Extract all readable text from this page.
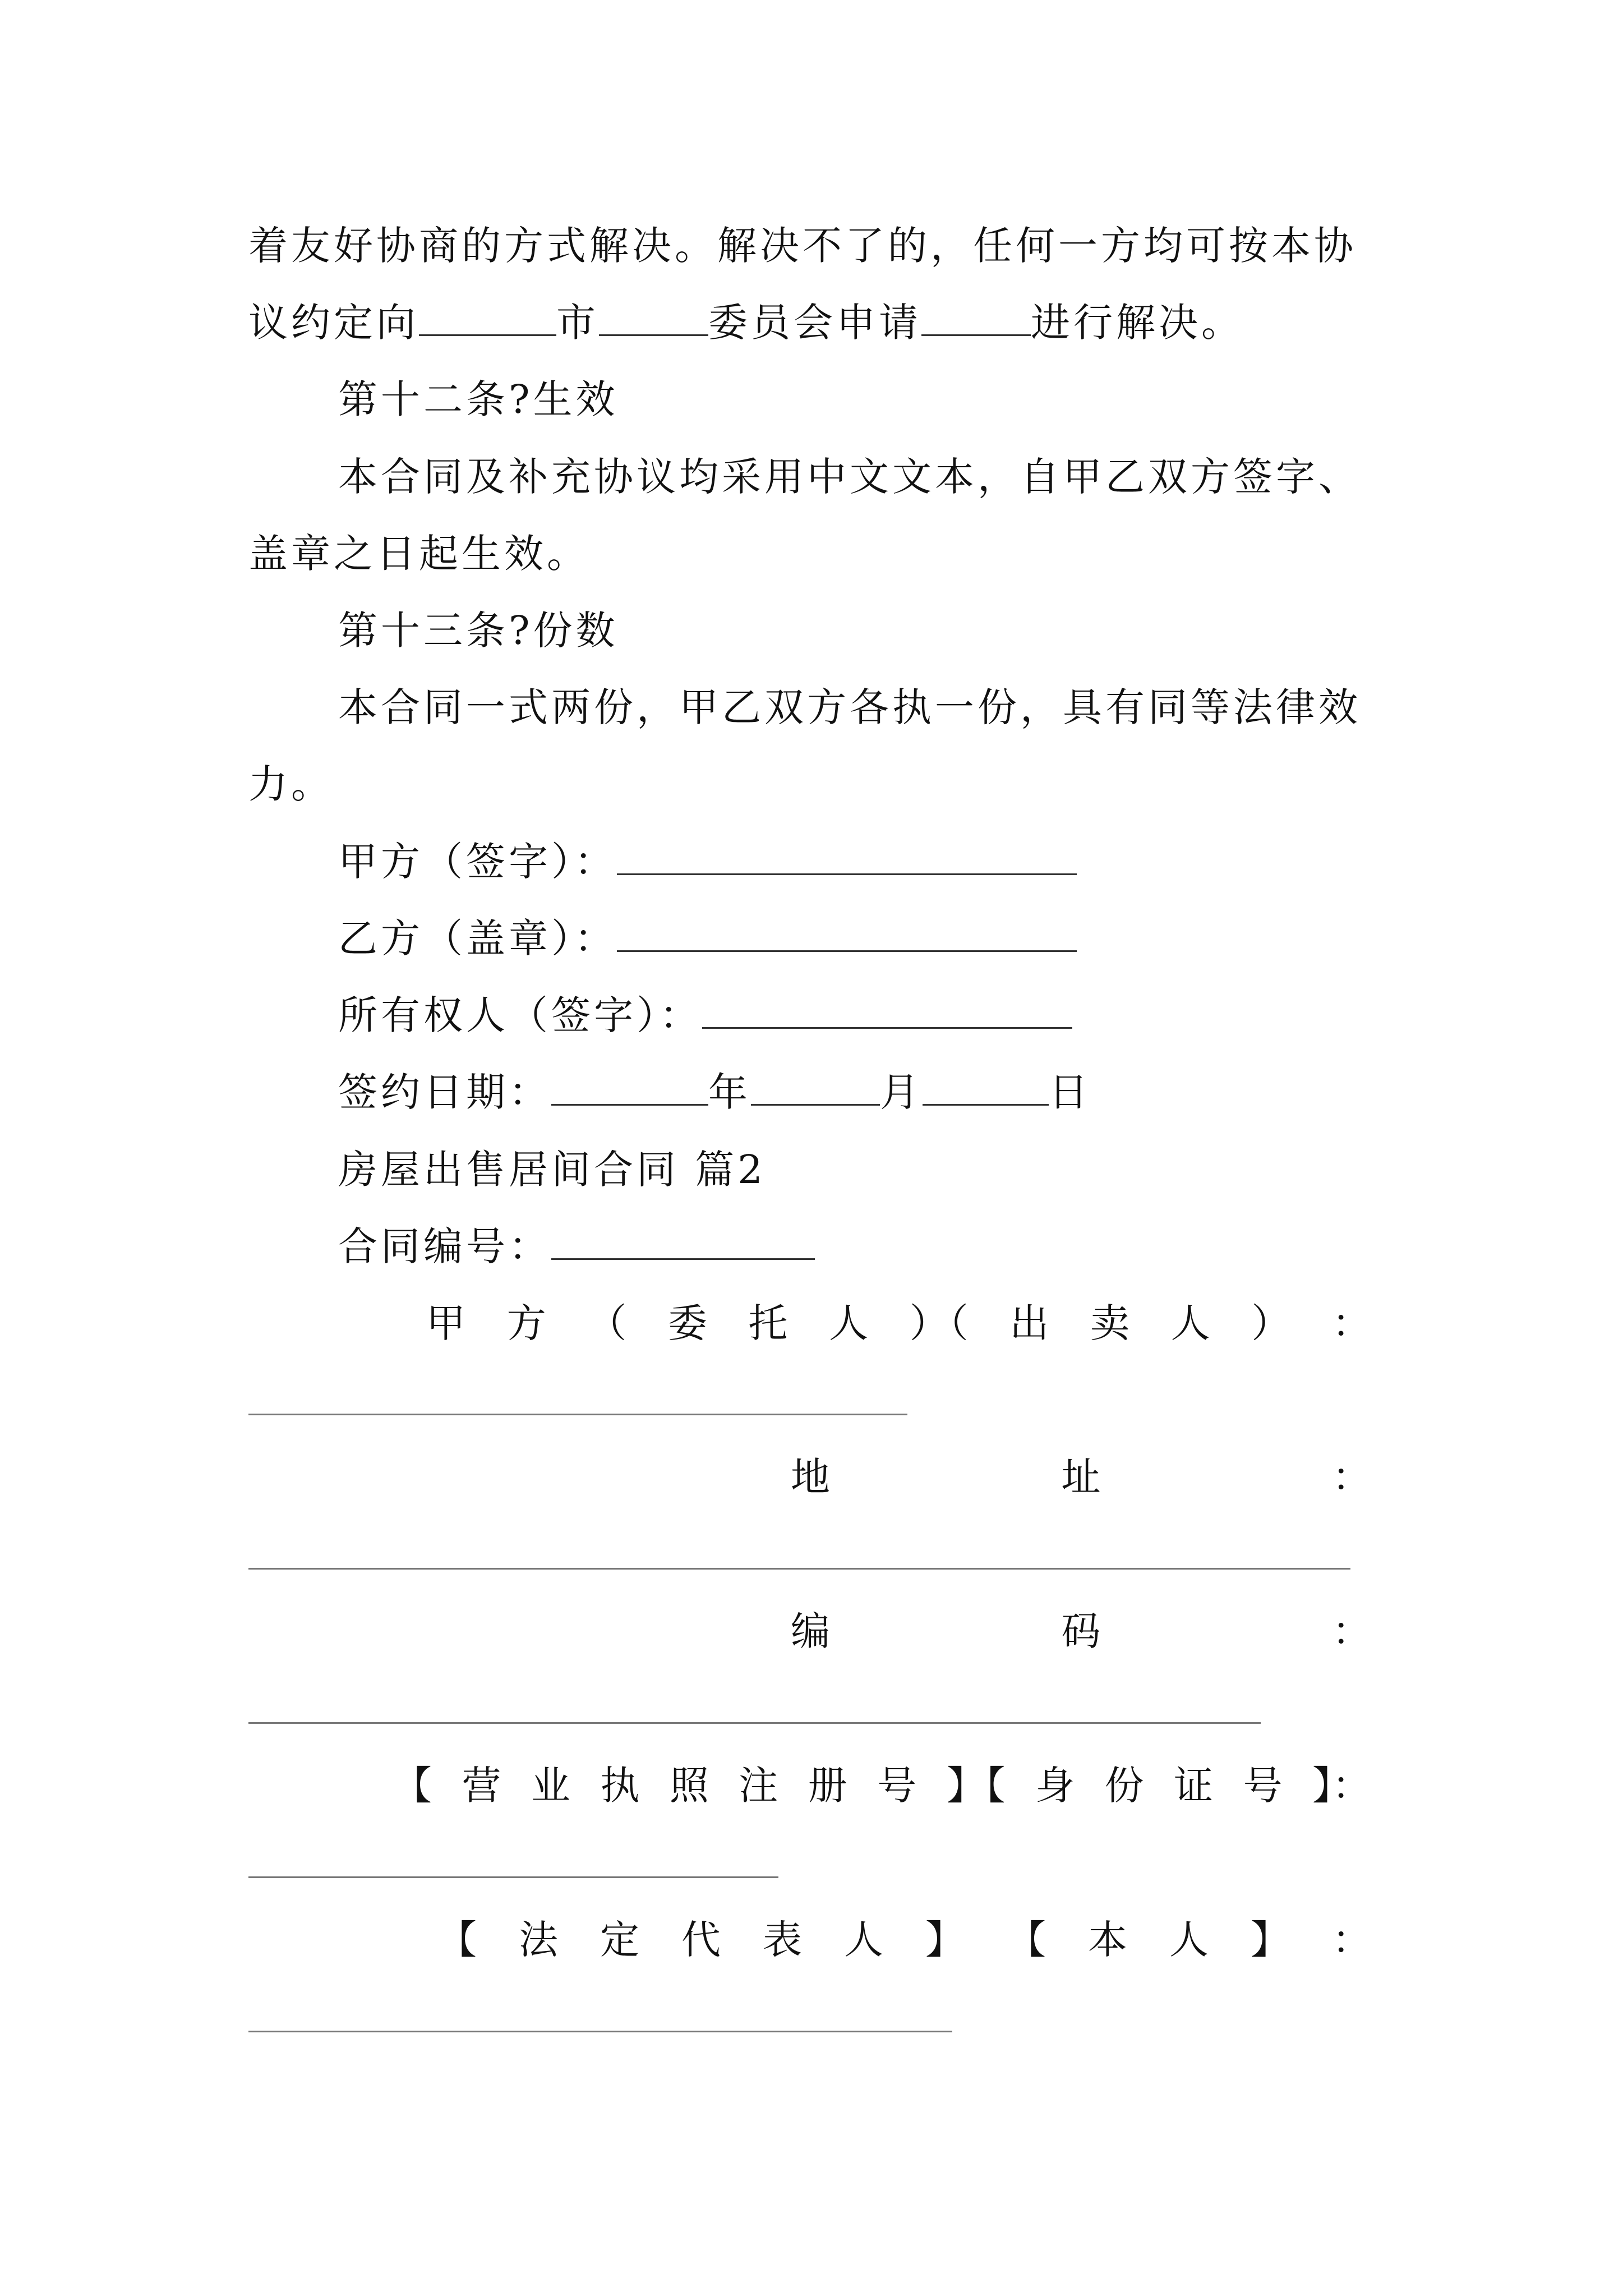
着友好协商的方式解决。解决不了的，任何一方均可按本协
议约定向	市	委员会申请	进行解决。
第十二条?生效
本合同及补充协议均采用中文文本，自甲乙双方签字、
盖章之日起生效。
第十三条?份数
本合同一式两份，甲乙双方各执一份，具有同等法律效
力。
甲方（签字）：
乙方（盖章）：
所有权人（签字）：
签约日期：	年	月	日
房屋出售居间合同 篇2
合同编号：
甲 方 （ 委 托 人 ）（ 出 卖 人 ） ：
地	址	：
编	码	：
【 营 业 执 照 注 册 号 】【 身 份 证 号 】：
【 法 定 代 表 人 】 【 本 人 】 ：
